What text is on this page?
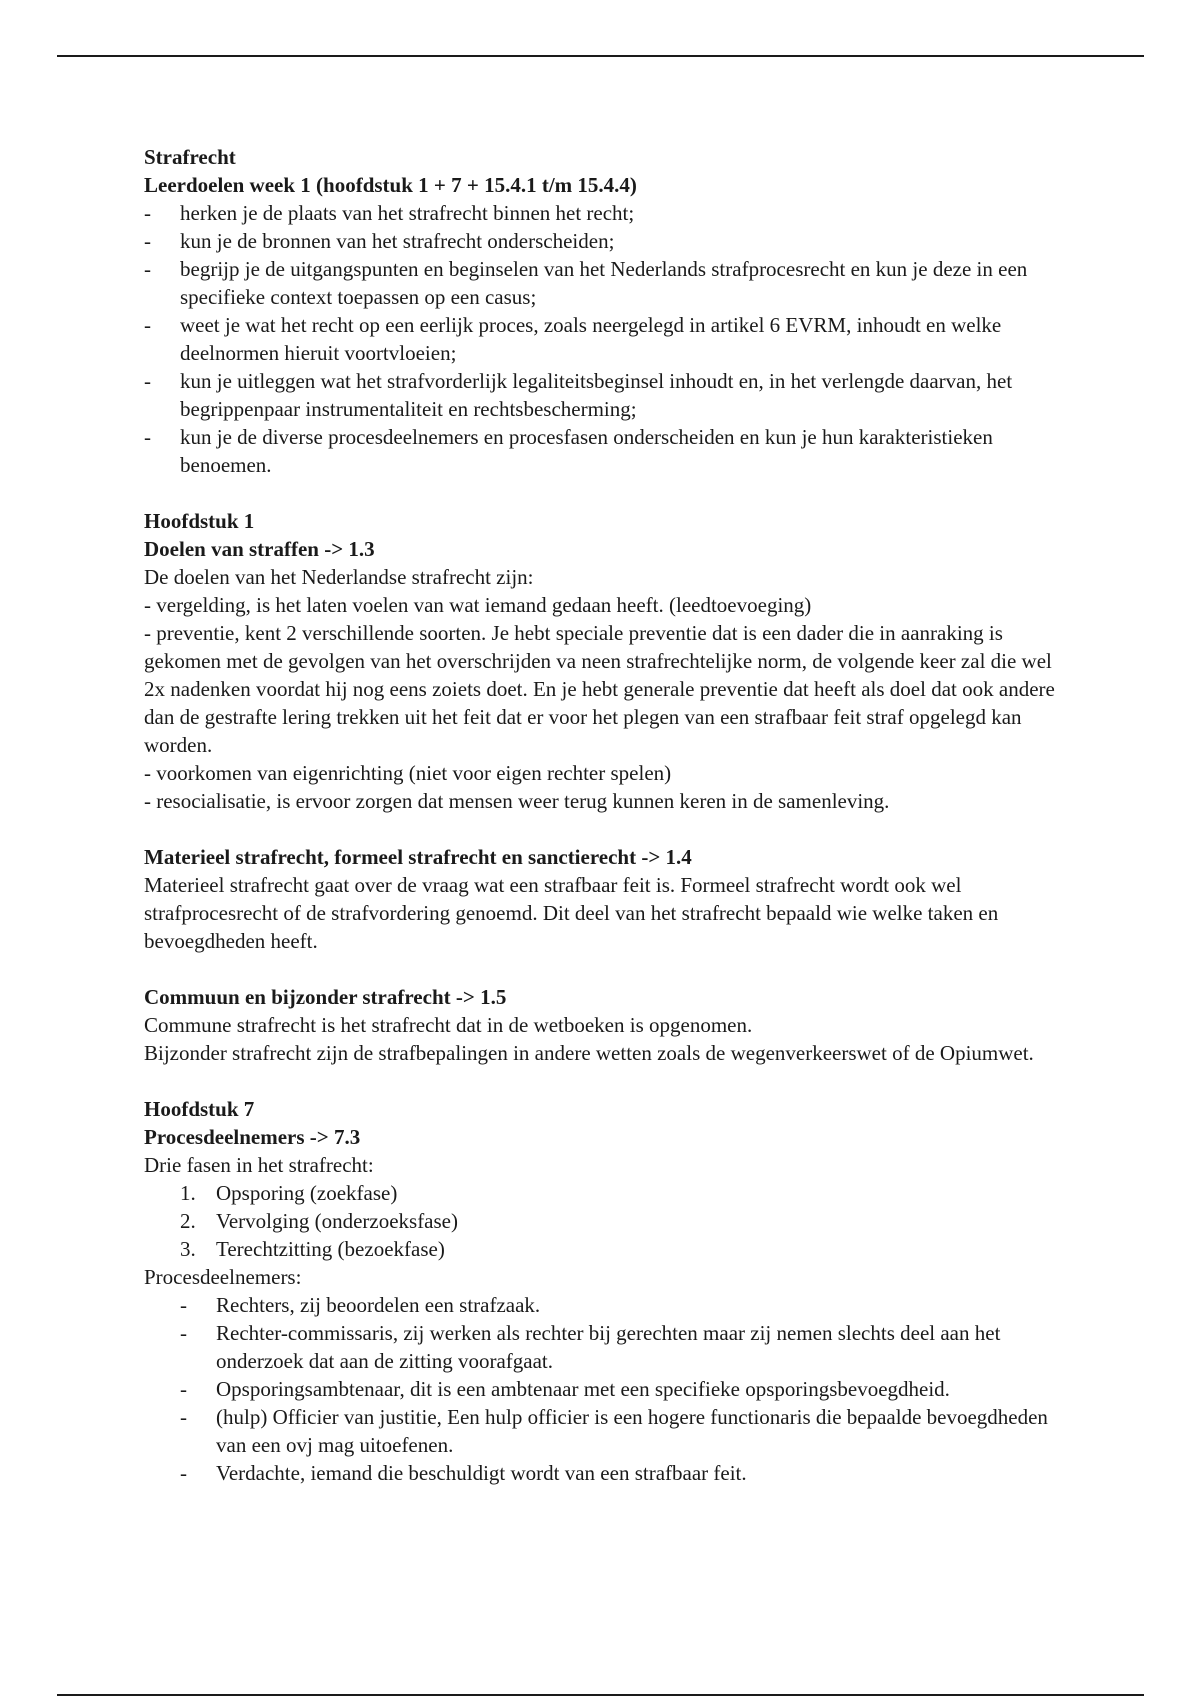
Strafrecht
Leerdoelen week 1 (hoofdstuk 1 + 7 + 15.4.1 t/m 15.4.4)
- herken je de plaats van het strafrecht binnen het recht;
- kun je de bronnen van het strafrecht onderscheiden;
- begrijp je de uitgangspunten en beginselen van het Nederlands strafprocesrecht en kun je deze in een specifieke context toepassen op een casus;
- weet je wat het recht op een eerlijk proces, zoals neergelegd in artikel 6 EVRM, inhoudt en welke deelnormen hieruit voortvloeien;
- kun je uitleggen wat het strafvorderlijk legaliteitsbeginsel inhoudt en, in het verlengde daarvan, het begrippenpaar instrumentaliteit en rechtsbescherming;
- kun je de diverse procesdeelnemers en procesfasen onderscheiden en kun je hun karakteristieken benoemen.
Hoofdstuk 1
Doelen van straffen -> 1.3
De doelen van het Nederlandse strafrecht zijn:
- vergelding, is het laten voelen van wat iemand gedaan heeft. (leedtoevoeging)
- preventie, kent 2 verschillende soorten. Je hebt speciale preventie dat is een dader die in aanraking is gekomen met de gevolgen van het overschrijden va neen strafrechtelijke norm, de volgende keer zal die wel 2x nadenken voordat hij nog eens zoiets doet. En je hebt generale preventie dat heeft als doel dat ook andere dan de gestrafte lering trekken uit het feit dat er voor het plegen van een strafbaar feit straf opgelegd kan worden.
- voorkomen van eigenrichting (niet voor eigen rechter spelen)
- resocialisatie, is ervoor zorgen dat mensen weer terug kunnen keren in de samenleving.
Materieel strafrecht, formeel strafrecht en sanctierecht -> 1.4
Materieel strafrecht gaat over de vraag wat een strafbaar feit is. Formeel strafrecht wordt ook wel strafprocesrecht of de strafvordering genoemd. Dit deel van het strafrecht bepaald wie welke taken en bevoegdheden heeft.
Commuun en bijzonder strafrecht -> 1.5
Commune strafrecht is het strafrecht dat in de wetboeken is opgenomen.
Bijzonder strafrecht zijn de strafbepalingen in andere wetten zoals de wegenverkeerswet of de Opiumwet.
Hoofdstuk 7
Procesdeelnemers -> 7.3
Drie fasen in het strafrecht:
1. Opsporing (zoekfase)
2. Vervolging (onderzoeksfase)
3. Terechtzitting (bezoekfase)
Procesdeelnemers:
- Rechters, zij beoordelen een strafzaak.
- Rechter-commissaris, zij werken als rechter bij gerechten maar zij nemen slechts deel aan het onderzoek dat aan de zitting voorafgaat.
- Opsporingsambtenaar, dit is een ambtenaar met een specifieke opsporingsbevoegdheid.
- (hulp) Officier van justitie, Een hulp officier is een hogere functionaris die bepaalde bevoegdheden van een ovj mag uitoefenen.
- Verdachte, iemand die beschuldigt wordt van een strafbaar feit.
